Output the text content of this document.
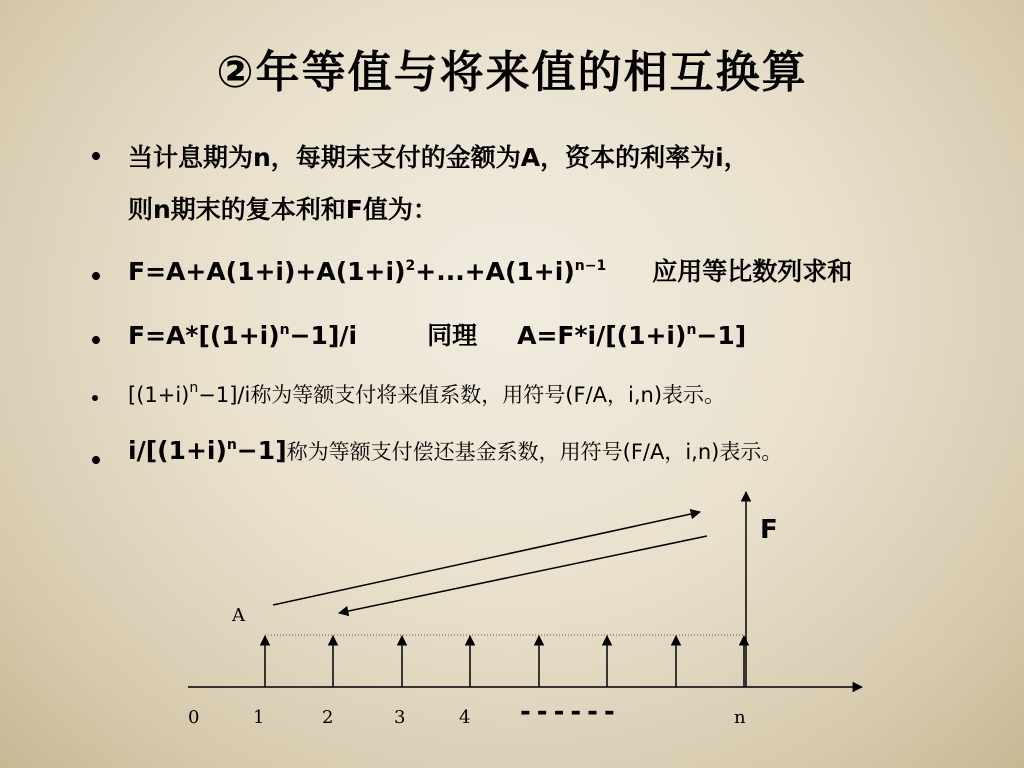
②年等值与将来值的相互换算
当计息期为n，每期末支付的金额为A，资本的利率为i，
则n期末的复本利和F值为：
$F=A+A(1+i)+A(1+i)^2+...+A(1+i)^{n-1}$ 应用等比数列求和
$F=A*[(1+i)^n-1]/i$	同理 $A=F*i/[(1+i)^n-1]$
$[(1+i)^n-1]/i$称为等额支付将来值系数，用符号(F/A，i,n)表示。
$i/[(1+i)^n-1]$称为等额支付偿还基金系数，用符号(F/A，i,n)表示。
A
F
0	1	2	3	4	n
------
